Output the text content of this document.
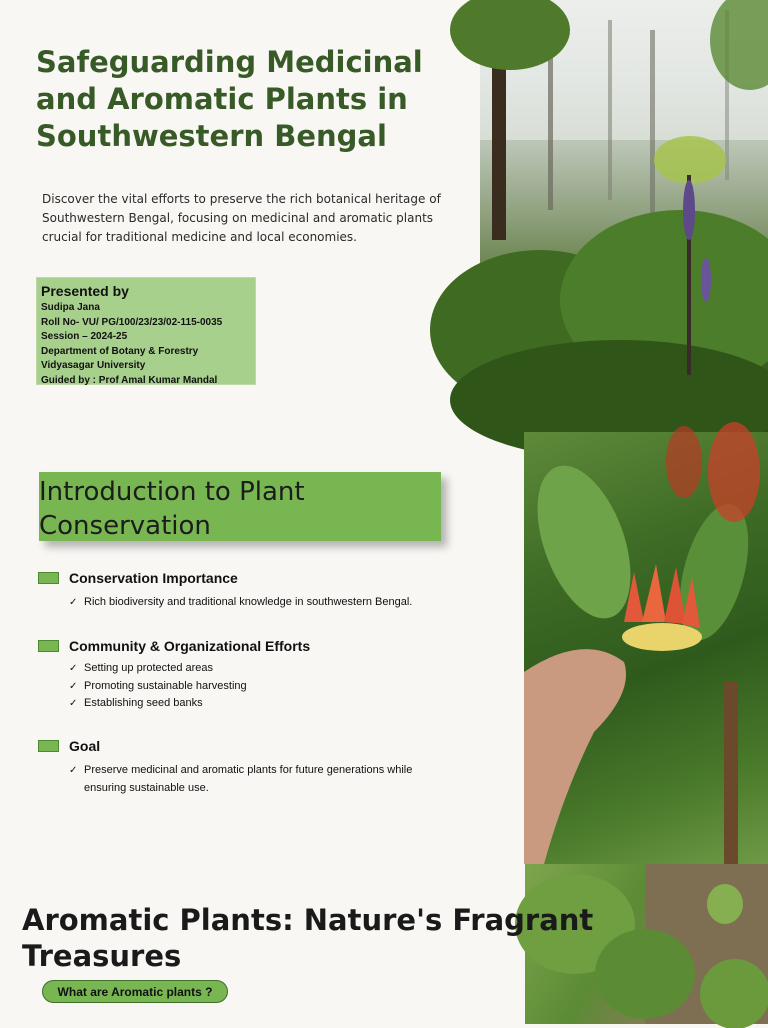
Safeguarding Medicinal and Aromatic Plants in Southwestern Bengal

Discover the vital efforts to preserve the rich botanical heritage of Southwestern Bengal, focusing on medicinal and aromatic plants crucial for traditional medicine and local economies.

Presented by
Sudipa Jana
Roll No- VU/ PG/100/23/23/02-115-0035
Session – 2024-25
Department of Botany & Forestry
Vidyasagar University
Guided by : Prof Amal Kumar Mandal
Introduction to Plant Conservation
Conservation Importance
✓ Rich biodiversity and traditional knowledge in southwestern Bengal.
Community & Organizational Efforts
✓ Setting up protected areas
✓ Promoting sustainable harvesting
✓ Establishing seed banks
Goal
✓ Preserve medicinal and aromatic plants for future generations while ensuring sustainable use.
Aromatic Plants: Nature's Fragrant Treasures
What are Aromatic plants ?
